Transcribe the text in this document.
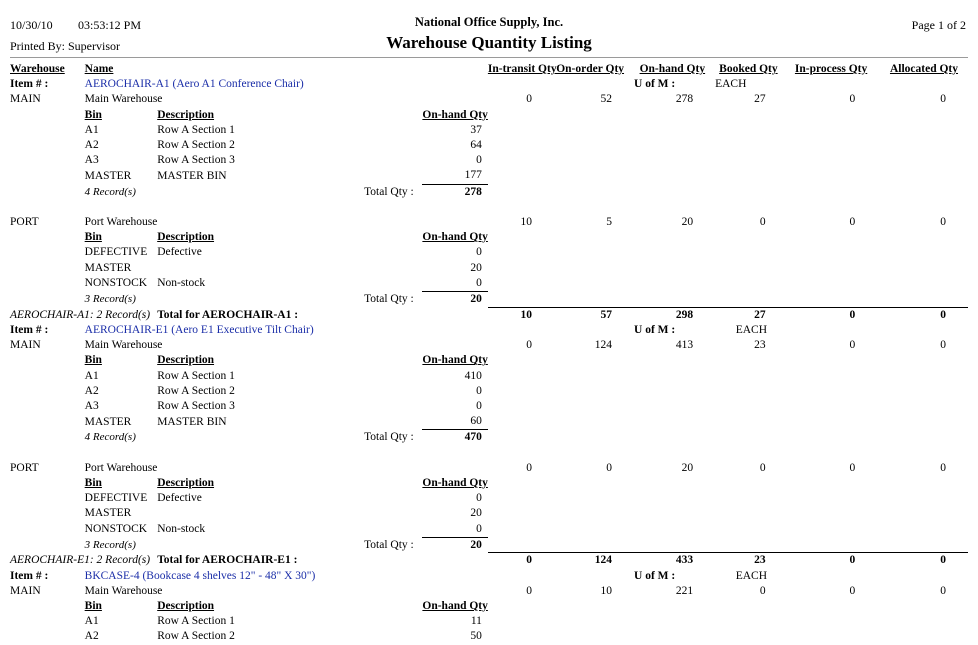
10/30/10 03:53:12 PM
Printed By: Supervisor
National Office Supply, Inc.
Warehouse Quantity Listing
Page 1 of 2
Warehouse		Name				In-transit Qty	On-order Qty	On-hand Qty	Booked Qty	In-process Qty	Allocated Qty
Item # :		AEROCHAIR-A1 (Aero A1 Conference Chair)						U of M :	EACH		
MAIN		Main Warehouse				0	52	278	27	0	0
		Bin	Description		On-hand Qty						
		A1	Row A Section 1		37						
		A2	Row A Section 2		64						
		A3	Row A Section 3		0						
		MASTER	MASTER BIN		177						
		4 Record(s)		Total Qty :	278						

PORT		Port Warehouse				10	5	20	0	0	0
		Bin	Description		On-hand Qty						
		DEFECTIVE	Defective		0						
		MASTER			20						
		NONSTOCK	Non-stock		0						
		3 Record(s)		Total Qty :	20						
AEROCHAIR-A1: 2 Record(s)			Total for AEROCHAIR-A1 :			10	57	298	27	0	0
Item # :		AEROCHAIR-E1 (Aero E1 Executive Tilt Chair)						U of M :	EACH		
MAIN		Main Warehouse				0	124	413	23	0	0
		Bin	Description		On-hand Qty						
		A1	Row A Section 1		410						
		A2	Row A Section 2		0						
		A3	Row A Section 3		0						
		MASTER	MASTER BIN		60						
		4 Record(s)		Total Qty :	470						

PORT		Port Warehouse				0	0	20	0	0	0
		Bin	Description		On-hand Qty						
		DEFECTIVE	Defective		0						
		MASTER			20						
		NONSTOCK	Non-stock		0						
		3 Record(s)		Total Qty :	20						
AEROCHAIR-E1: 2 Record(s)			Total for AEROCHAIR-E1 :			0	124	433	23	0	0
Item # :		BKCASE-4 (Bookcase 4 shelves 12" - 48" X 30")						U of M :	EACH		
MAIN		Main Warehouse				0	10	221	0	0	0
		Bin	Description		On-hand Qty						
		A1	Row A Section 1		11						
		A2	Row A Section 2		50						
